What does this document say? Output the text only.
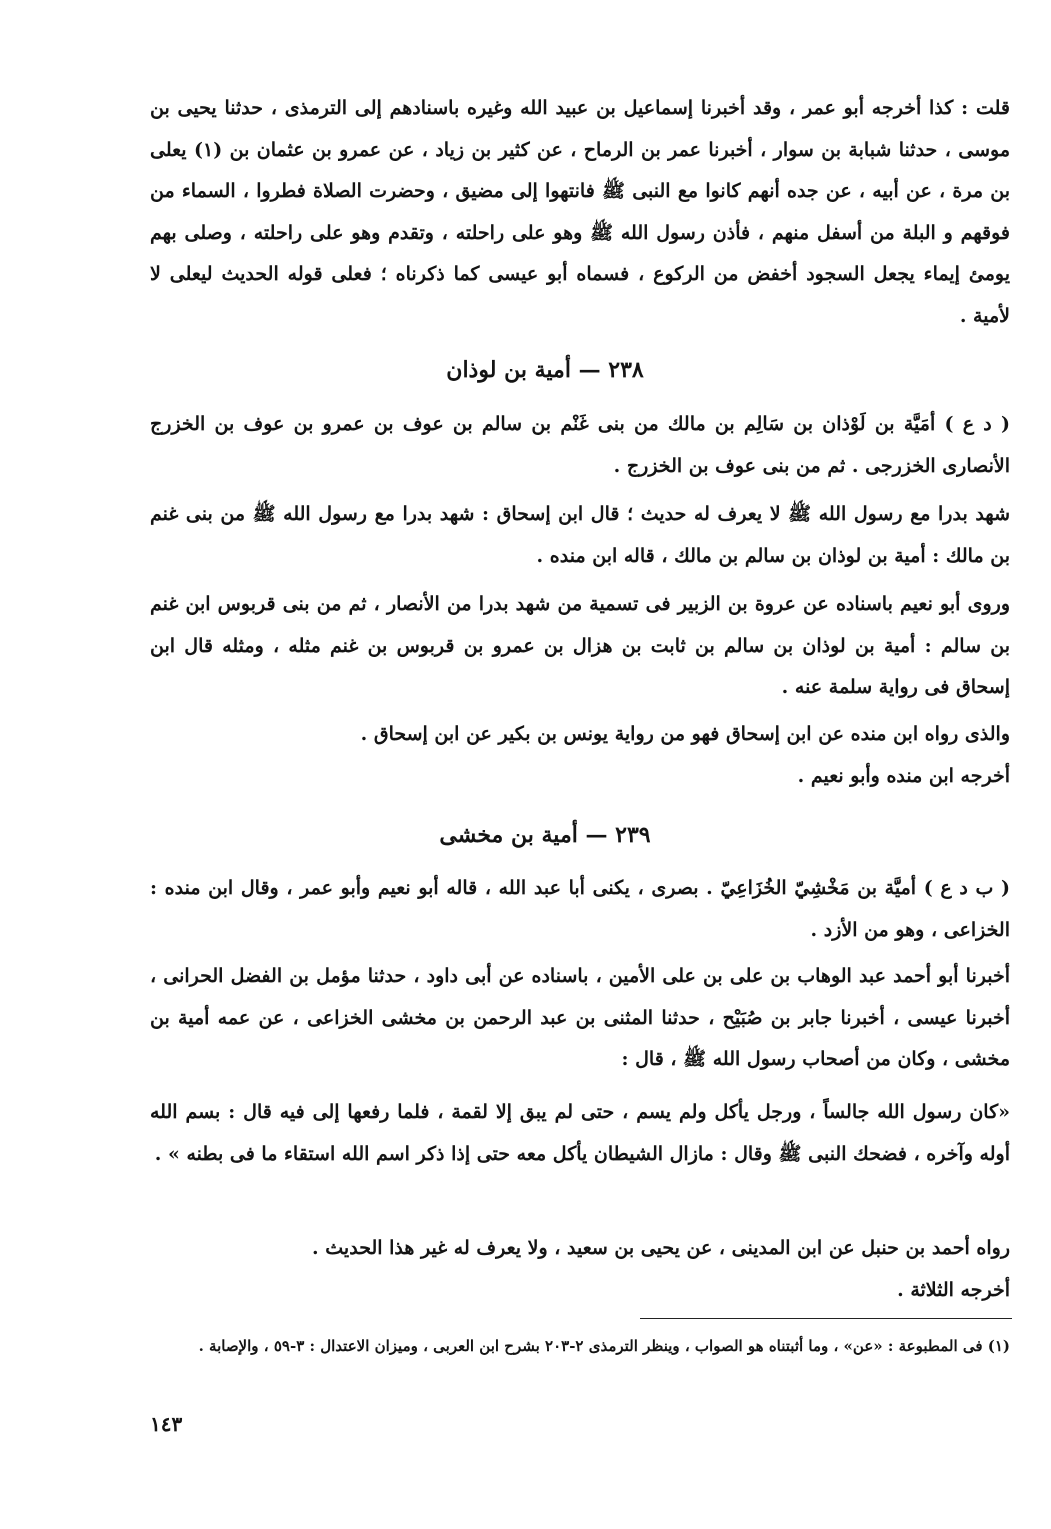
قلت : كذا أخرجه أبو عمر ، وقد أخبرنا إسماعيل بن عبيد الله وغيره باسنادهم إلى الترمذى ، حدثنا يحيى بن موسى ، حدثنا شبابة بن سوار ، أخبرنا عمر بن الرماح ، عن كثير بن زياد ، عن عمرو بن عثمان بن (١) يعلى بن مرة ، عن أبيه ، عن جده أنهم كانوا مع النبى ﷺ فانتهوا إلى مضيق ، وحضرت الصلاة فطروا ، السماء من فوقهم و البلة من أسفل منهم ، فأذن رسول الله ﷺ وهو على راحلته ، وتقدم وهو على راحلته ، وصلى بهم يومئ إيماء يجعل السجود أخفض من الركوع ، فسماه أبو عيسى كما ذكرناه ؛ فعلى قوله الحديث ليعلى لا لأمية .

٢٣٨ — أمية بن لوذان

( د ع ) أمَيَّة بن لَوْذان بن سَالِم بن مالك من بنى غَنْم بن سالم بن عوف بن عمرو بن عوف بن الخزرج الأنصارى الخزرجى . ثم من بنى عوف بن الخزرج .

شهد بدرا مع رسول الله ﷺ لا يعرف له حديث ؛ قال ابن إسحاق : شهد بدرا مع رسول الله ﷺ من بنى غنم بن مالك : أمية بن لوذان بن سالم بن مالك ، قاله ابن منده .

وروى أبو نعيم باسناده عن عروة بن الزبير فى تسمية من شهد بدرا من الأنصار ، ثم من بنى قربوس ابن غنم بن سالم : أمية بن لوذان بن سالم بن ثابت بن هزال بن عمرو بن قربوس بن غنم مثله ، ومثله قال ابن إسحاق فى رواية سلمة عنه .

والذى رواه ابن منده عن ابن إسحاق فهو من رواية يونس بن بكير عن ابن إسحاق .

أخرجه ابن منده وأبو نعيم .

٢٣٩ — أمية بن مخشى

( ب د ع ) أميَّة بن مَخْشِيّ الخُزَاعِيّ . بصرى ، يكنى أبا عبد الله ، قاله أبو نعيم وأبو عمر ، وقال ابن منده : الخزاعى ، وهو من الأزد .

أخبرنا أبو أحمد عبد الوهاب بن على بن على الأمين ، باسناده عن أبى داود ، حدثنا مؤمل بن الفضل الحرانى ، أخبرنا عيسى ، أخبرنا جابر بن صُبَيْح ، حدثنا المثنى بن عبد الرحمن بن مخشى الخزاعى ، عن عمه أمية بن مخشى ، وكان من أصحاب رسول الله ﷺ ، قال :

«كان رسول الله جالساً ، ورجل يأكل ولم يسم ، حتى لم يبق إلا لقمة ، فلما رفعها إلى فيه قال : بسم الله أوله وآخره ، فضحك النبى ﷺ وقال : مازال الشيطان يأكل معه حتى إذا ذكر اسم الله استقاء ما فى بطنه » .

رواه أحمد بن حنبل عن ابن المدينى ، عن يحيى بن سعيد ، ولا يعرف له غير هذا الحديث .

أخرجه الثلاثة .

(١) فى المطبوعة : «عن» ، وما أثبتناه هو الصواب ، وينظر الترمذى ٢-٢٠٣ بشرح ابن العربى ، وميزان الاعتدال : ٣-٥٩ ، والإصابة .

١٤٣
